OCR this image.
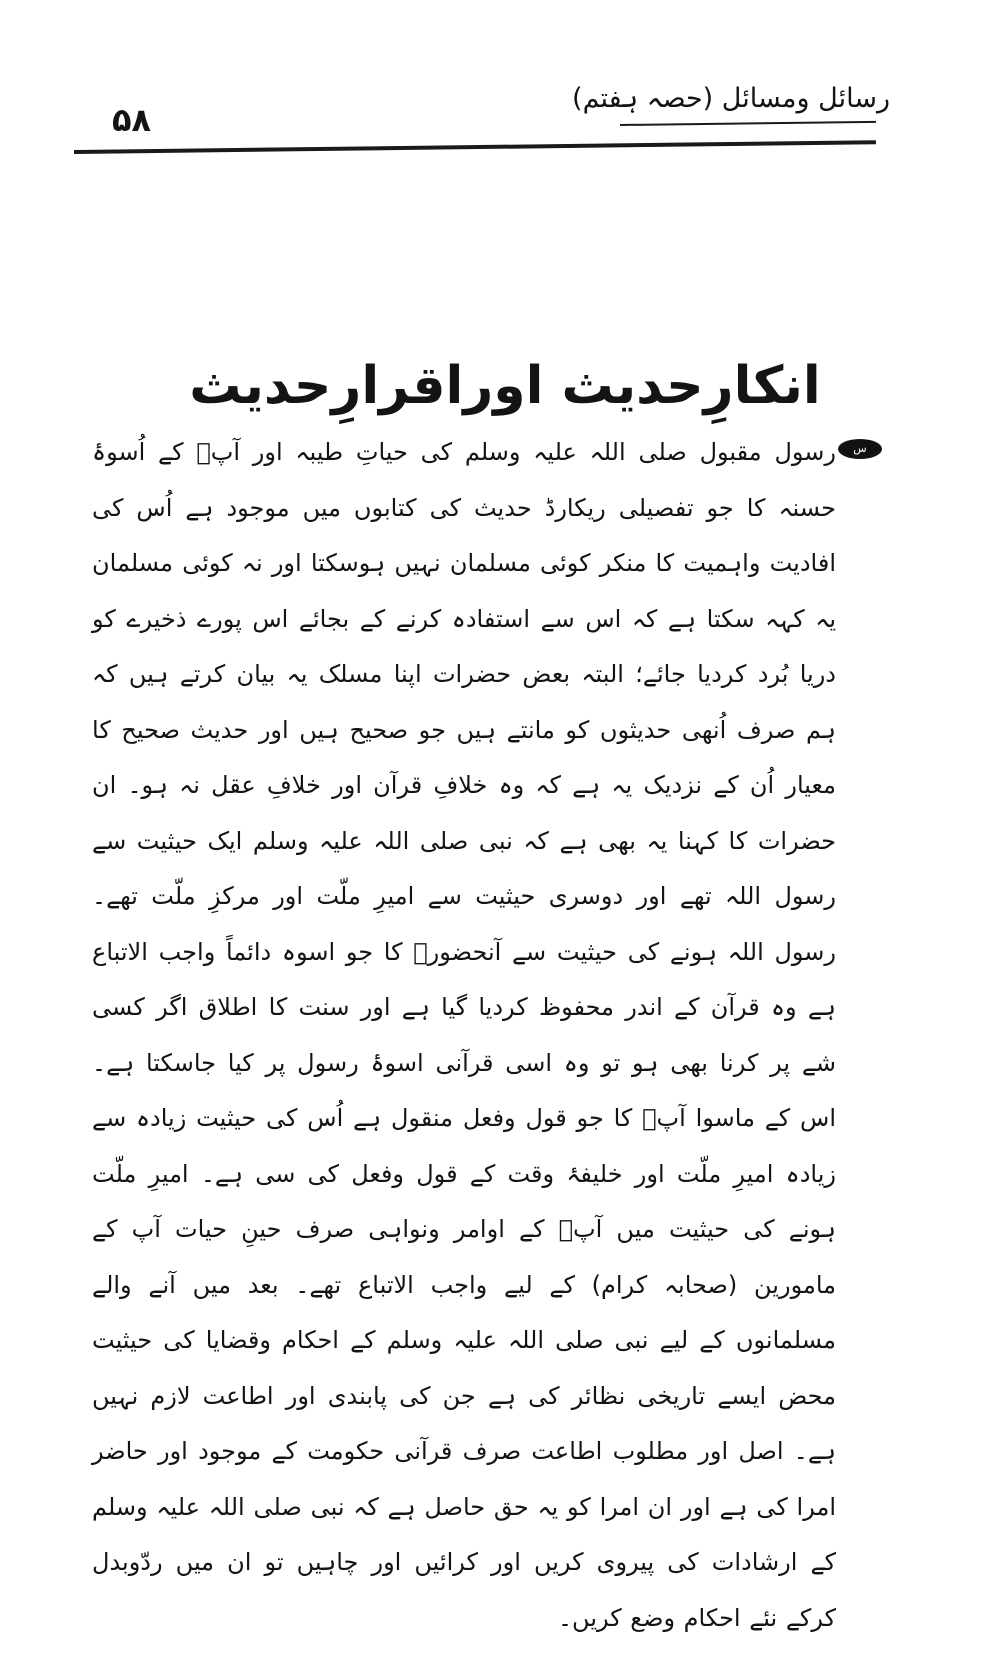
رسائل ومسائل (حصہ ہفتم)
۵۸
انکارِحدیث اوراقرارِحدیث
س

رسول مقبول صلی اللہ علیہ وسلم کی حیاتِ طیبہ اور آپؐ کے اُسوۂ حسنہ کا جو تفصیلی ریکارڈ حدیث کی کتابوں میں موجود ہے اُس کی افادیت واہمیت کا منکر کوئی مسلمان نہیں ہوسکتا اور نہ کوئی مسلمان یہ کہہ سکتا ہے کہ اس سے استفادہ کرنے کے بجائے اس پورے ذخیرے کو دریا بُرد کردیا جائے؛ البتہ بعض حضرات اپنا مسلک یہ بیان کرتے ہیں کہ ہم صرف اُنھی حدیثوں کو مانتے ہیں جو صحیح ہیں اور حدیث صحیح کا معیار اُن کے نزدیک یہ ہے کہ وہ خلافِ قرآن اور خلافِ عقل نہ ہو۔ ان حضرات کا کہنا یہ بھی ہے کہ نبی صلی اللہ علیہ وسلم ایک حیثیت سے رسول اللہ تھے اور دوسری حیثیت سے امیرِ ملّت اور مرکزِ ملّت تھے۔ رسول اللہ ہونے کی حیثیت سے آنحضورؐ کا جو اسوہ دائماً واجب الاتباع ہے وہ قرآن کے اندر محفوظ کردیا گیا ہے اور سنت کا اطلاق اگر کسی شے پر کرنا بھی ہو تو وہ اسی قرآنی اسوۂ رسول پر کیا جاسکتا ہے۔ اس کے ماسوا آپؐ کا جو قول وفعل منقول ہے اُس کی حیثیت زیادہ سے زیادہ امیرِ ملّت اور خلیفۂ وقت کے قول وفعل کی سی ہے۔ امیرِ ملّت ہونے کی حیثیت میں آپؐ کے اوامر ونواہی صرف حینِ حیات آپ کے مامورین (صحابہ کرام) کے لیے واجب الاتباع تھے۔ بعد میں آنے والے مسلمانوں کے لیے نبی صلی اللہ علیہ وسلم کے احکام وقضایا کی حیثیت محض ایسے تاریخی نظائر کی ہے جن کی پابندی اور اطاعت لازم نہیں ہے۔ اصل اور مطلوب اطاعت صرف قرآنی حکومت کے موجود اور حاضر امرا کی ہے اور ان امرا کو یہ حق حاصل ہے کہ نبی صلی اللہ علیہ وسلم کے ارشادات کی پیروی کریں اور کرائیں اور چاہیں تو ان میں ردّوبدل کرکے نئے احکام وضع کریں۔
